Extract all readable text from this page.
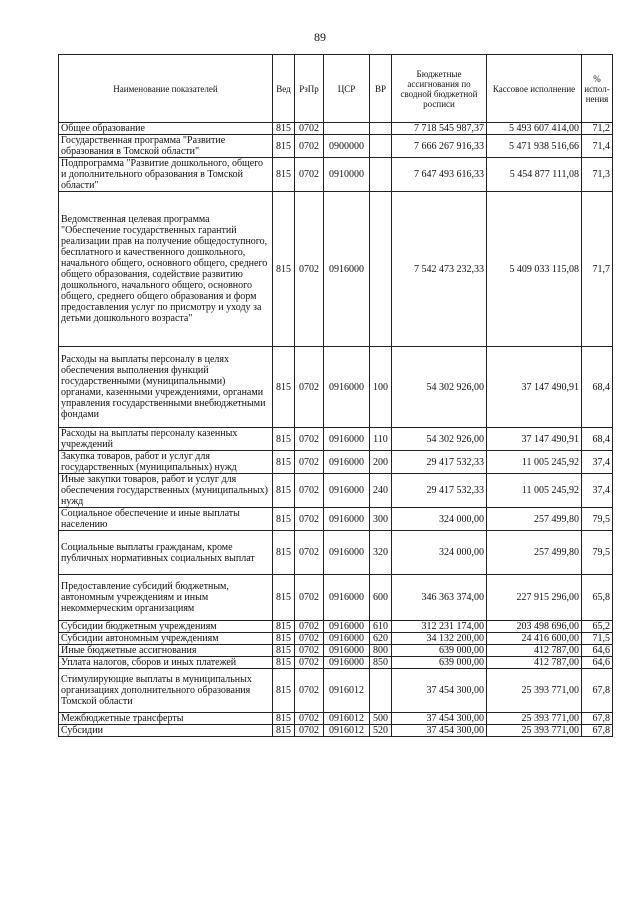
89
Наименование показателей	Вед	РзПр	ЦСР	ВР	Бюджетные ассигнования по сводной бюджетной росписи	Кассовое исполнение	% испол-нения
Общее образование	815	0702			7 718 545 987,37	5 493 607 414,00	71,2
Государственная программа "Развитие образования в Томской области"	815	0702	0900000		7 666 267 916,33	5 471 938 516,66	71,4
Подпрограмма "Развитие дошкольного, общего и дополнительного образования в Томской области"	815	0702	0910000		7 647 493 616,33	5 454 877 111,08	71,3
Ведомственная целевая программа "Обеспечение государственных гарантий реализации прав на получение общедоступного, бесплатного и качественного дошкольного, начального общего, основного общего, среднего общего образования, содействие развитию дошкольного, начального общего, основного общего, среднего общего образования и форм предоставления услуг по присмотру и уходу за детьми дошкольного возраста"	815	0702	0916000		7 542 473 232,33	5 409 033 115,08	71,7
Расходы на выплаты персоналу в целях обеспечения выполнения функций государственными (муниципальными) органами, казенными учреждениями, органами управления государственными внебюджетными фондами	815	0702	0916000	100	54 302 926,00	37 147 490,91	68,4
Расходы на выплаты персоналу казенных учреждений	815	0702	0916000	110	54 302 926,00	37 147 490,91	68,4
Закупка товаров, работ и услуг для государственных (муниципальных) нужд	815	0702	0916000	200	29 417 532,33	11 005 245,92	37,4
Иные закупки товаров, работ и услуг для обеспечения государственных (муниципальных) нужд	815	0702	0916000	240	29 417 532,33	11 005 245,92	37,4
Социальное обеспечение и иные выплаты населению	815	0702	0916000	300	324 000,00	257 499,80	79,5
Социальные выплаты гражданам, кроме публичных нормативных социальных выплат	815	0702	0916000	320	324 000,00	257 499,80	79,5
Предоставление субсидий бюджетным, автономным учреждениям и иным некоммерческим организациям	815	0702	0916000	600	346 363 374,00	227 915 296,00	65,8
Субсидии бюджетным учреждениям	815	0702	0916000	610	312 231 174,00	203 498 696,00	65,2
Субсидии автономным учреждениям	815	0702	0916000	620	34 132 200,00	24 416 600,00	71,5
Иные бюджетные ассигнования	815	0702	0916000	800	639 000,00	412 787,00	64,6
Уплата налогов, сборов и иных платежей	815	0702	0916000	850	639 000,00	412 787,00	64,6
Стимулирующие выплаты в муниципальных организациях дополнительного образования Томской области	815	0702	0916012		37 454 300,00	25 393 771,00	67,8
Межбюджетные трансферты	815	0702	0916012	500	37 454 300,00	25 393 771,00	67,8
Субсидии	815	0702	0916012	520	37 454 300,00	25 393 771,00	67,8
